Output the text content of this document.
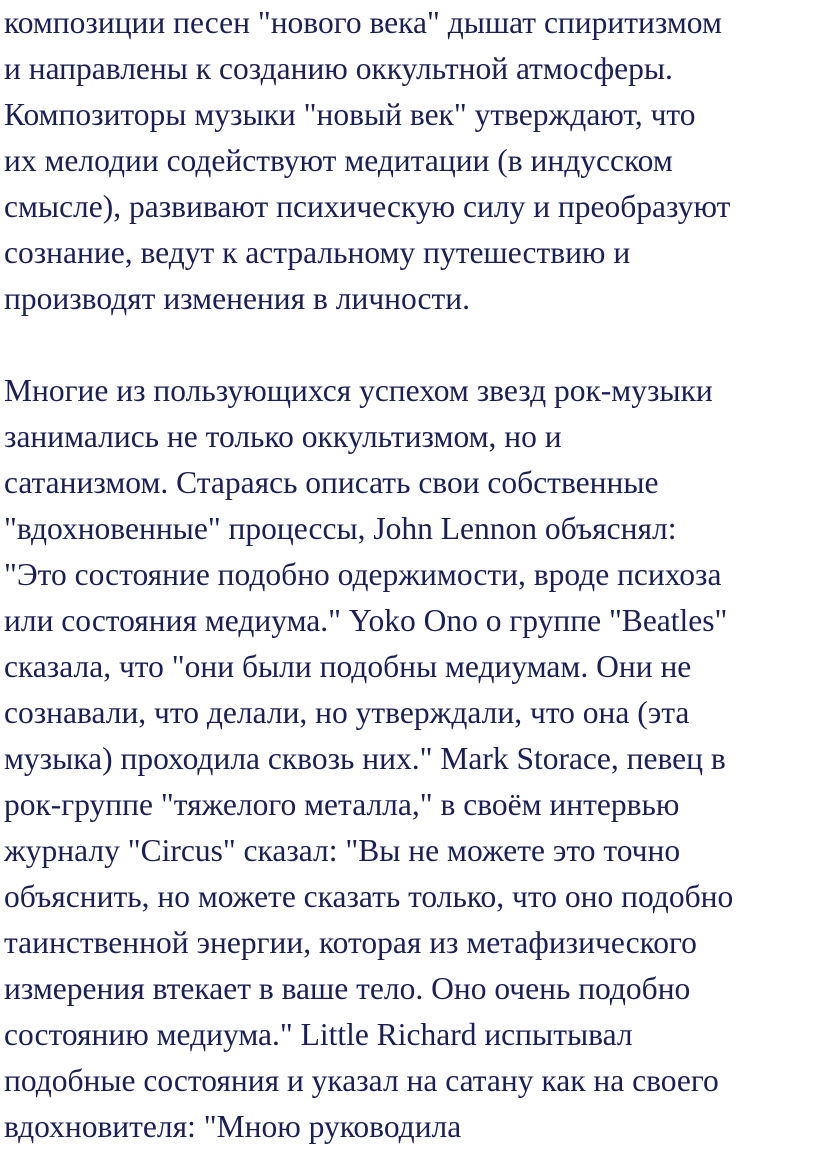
композиции песен "нового века" дышат спиритизмом
и направлены к созданию оккультной атмосферы.
Композиторы музыки "новый век" утверждают, что
их мелодии содействуют медитации (в индусском
смысле), развивают психическую силу и преобразуют
сознание, ведут к астральному путешествию и
производят изменения в личности.

Многие из пользующихся успехом звезд рок-музыки
занимались не только оккультизмом, но и
сатанизмом. Стараясь описать свои собственные
"вдохновенные" процессы, John Lennon объяснял:
"Это состояние подобно одержимости, вроде психоза
или состояния медиума." Yoko Ono о группе "Beatles"
сказала, что "они были подобны медиумам. Они не
сознавали, что делали, но утверждали, что она (эта
музыка) проходила сквозь них." Mark Storace, певец в
рок-группе "тяжелого металла," в своём интервью
журналу "Circus" сказал: "Вы не можете это точно
объяснить, но можете сказать только, что оно подобно
таинственной энергии, которая из метафизического
измерения втекает в ваше тело. Оно очень подобно
состоянию медиума." Little Richard испытывал
подобные состояния и указал на сатану как на своего
вдохновителя: "Мною руководила
